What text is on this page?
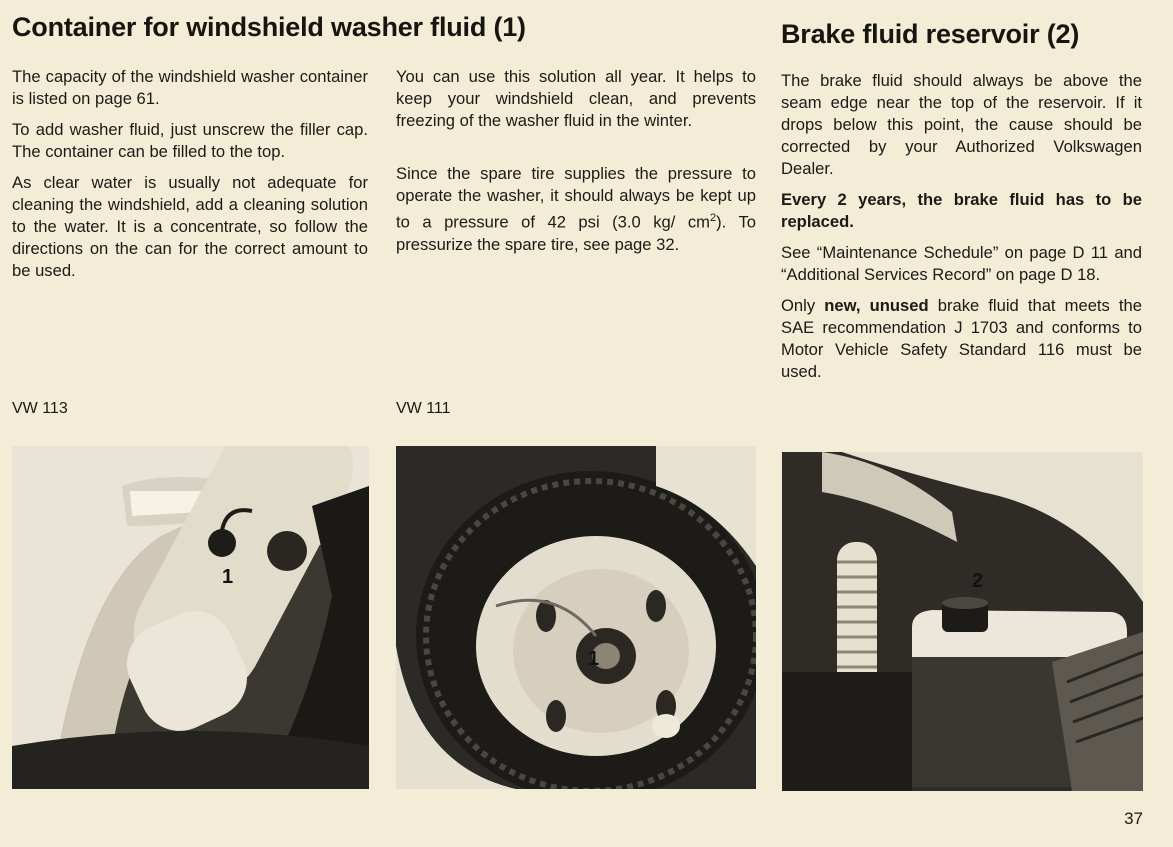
Container for windshield washer fluid (1)

The capacity of the windshield washer container is listed on page 61.

To add washer fluid, just unscrew the filler cap. The container can be filled to the top.

As clear water is usually not adequate for cleaning the windshield, add a cleaning solution to the water. It is a concentrate, so follow the directions on the can for the correct amount to be used.

VW 113
1

You can use this solution all year. It helps to keep your windshield clean, and prevents freezing of the washer fluid in the winter.

Since the spare tire supplies the pressure to operate the washer, it should always be kept up to a pressure of 42 psi (3.0 kg/ $cm^2$). To pressurize the spare tire, see page 32.

VW 111
1
Brake fluid reservoir (2)

The brake fluid should always be above the seam edge near the top of the reservoir. If it drops below this point, the cause should be corrected by your Authorized Volkswagen Dealer.

Every 2 years, the brake fluid has to be replaced.

See “Maintenance Schedule” on page D 11 and “Additional Services Record” on page D 18.

Only new, unused brake fluid that meets the SAE recommendation J 1703 and conforms to Motor Vehicle Safety Standard 116 must be used.

2
37
